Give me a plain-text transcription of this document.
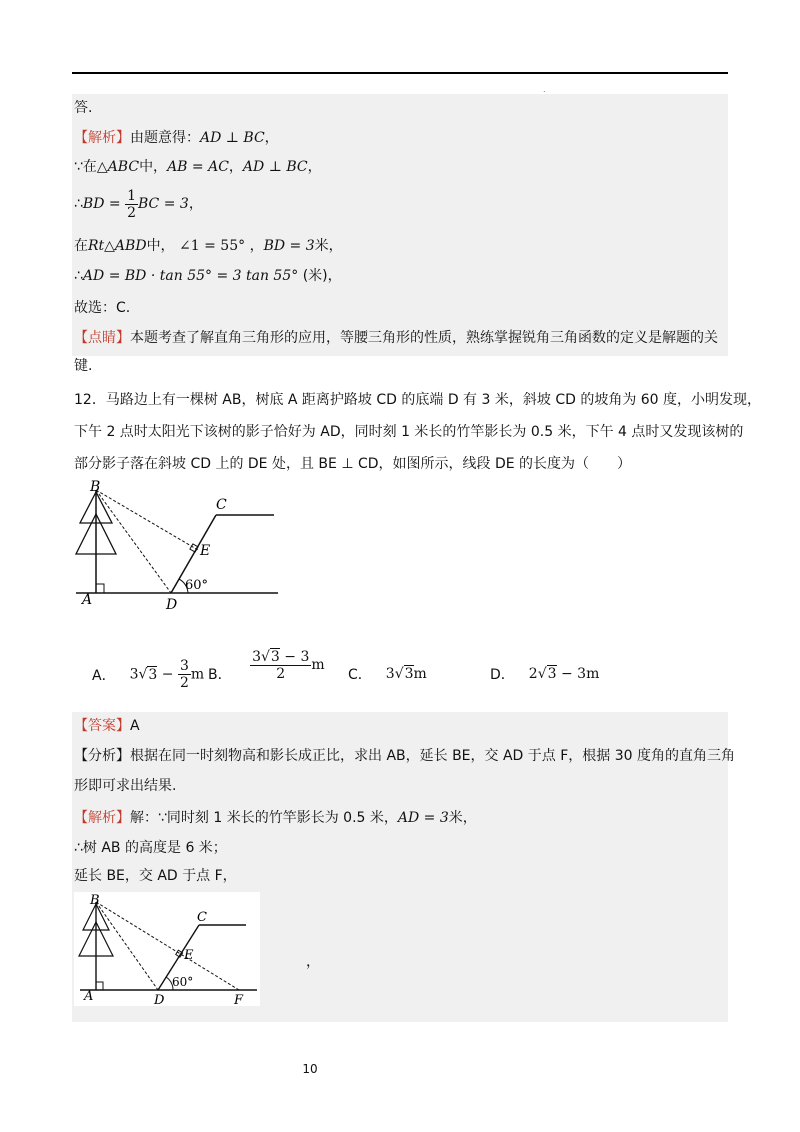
.
答.
【解析】由题意得：AD ⊥ BC，
∵在△ABC中，AB = AC，AD ⊥ BC，
∴BD = $\frac{1}{2}$ BC = 3，
在Rt△ABD中， ∠1 = 55° ，BD = 3米，
∴AD = BD · tan 55° = 3 tan 55° (米)，
故选：C.
【点睛】本题考查了解直角三角形的应用，等腰三角形的性质，熟练掌握锐角三角函数的定义是解题的关
键.
12．马路边上有一棵树 AB，树底 A 距离护路坡 CD 的底端 D 有 3 米，斜坡 CD 的坡角为 60 度，小明发现，
下午 2 点时太阳光下该树的影子恰好为 AD，同时刻 1 米长的竹竿影长为 0.5 米，下午 4 点时又发现该树的
部分影子落在斜坡 CD 上的 DE 处，且 BE ⊥ CD，如图所示，线段 DE 的长度为（　　）
B
C
E
A	D
60°
A． $3√3 - \frac{3}{2}$ m B． $\frac{3√3 - 3}{2}$ m
C． 3√3m	D． 2√3 − 3m
【答案】A
【分析】根据在同一时刻物高和影长成正比，求出 AB，延长 BE，交 AD 于点 F，根据 30 度角的直角三角
形即可求出结果.
【解析】解：∵同时刻 1 米长的竹竿影长为 0.5 米，AD = 3米，
∴树 AB 的高度是 6 米；
延长 BE，交 AD 于点 F，
B
C
E
A	D	F
60°
，
10
